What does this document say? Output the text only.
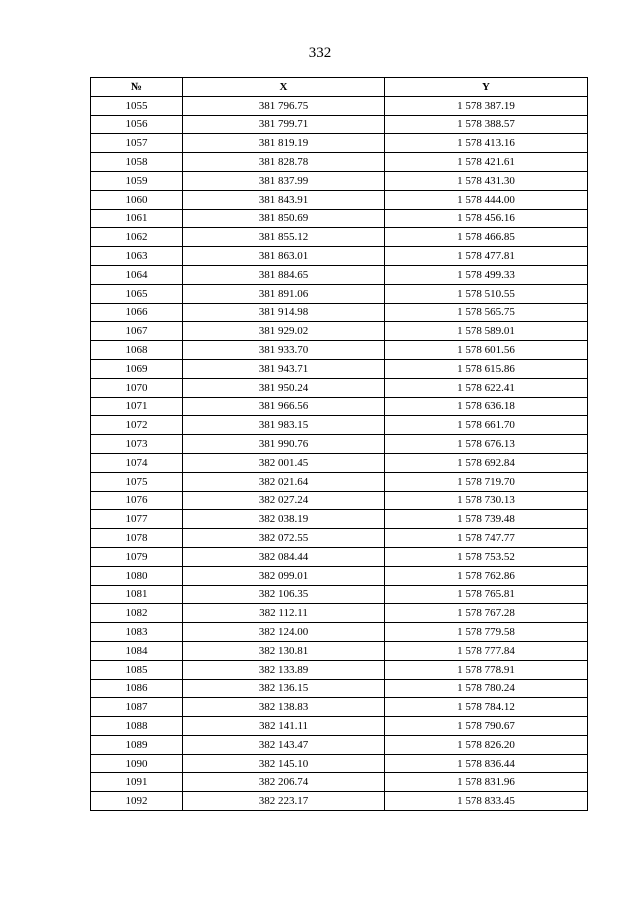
332
№	X	Y
1055	381 796.75	1 578 387.19
1056	381 799.71	1 578 388.57
1057	381 819.19	1 578 413.16
1058	381 828.78	1 578 421.61
1059	381 837.99	1 578 431.30
1060	381 843.91	1 578 444.00
1061	381 850.69	1 578 456.16
1062	381 855.12	1 578 466.85
1063	381 863.01	1 578 477.81
1064	381 884.65	1 578 499.33
1065	381 891.06	1 578 510.55
1066	381 914.98	1 578 565.75
1067	381 929.02	1 578 589.01
1068	381 933.70	1 578 601.56
1069	381 943.71	1 578 615.86
1070	381 950.24	1 578 622.41
1071	381 966.56	1 578 636.18
1072	381 983.15	1 578 661.70
1073	381 990.76	1 578 676.13
1074	382 001.45	1 578 692.84
1075	382 021.64	1 578 719.70
1076	382 027.24	1 578 730.13
1077	382 038.19	1 578 739.48
1078	382 072.55	1 578 747.77
1079	382 084.44	1 578 753.52
1080	382 099.01	1 578 762.86
1081	382 106.35	1 578 765.81
1082	382 112.11	1 578 767.28
1083	382 124.00	1 578 779.58
1084	382 130.81	1 578 777.84
1085	382 133.89	1 578 778.91
1086	382 136.15	1 578 780.24
1087	382 138.83	1 578 784.12
1088	382 141.11	1 578 790.67
1089	382 143.47	1 578 826.20
1090	382 145.10	1 578 836.44
1091	382 206.74	1 578 831.96
1092	382 223.17	1 578 833.45
